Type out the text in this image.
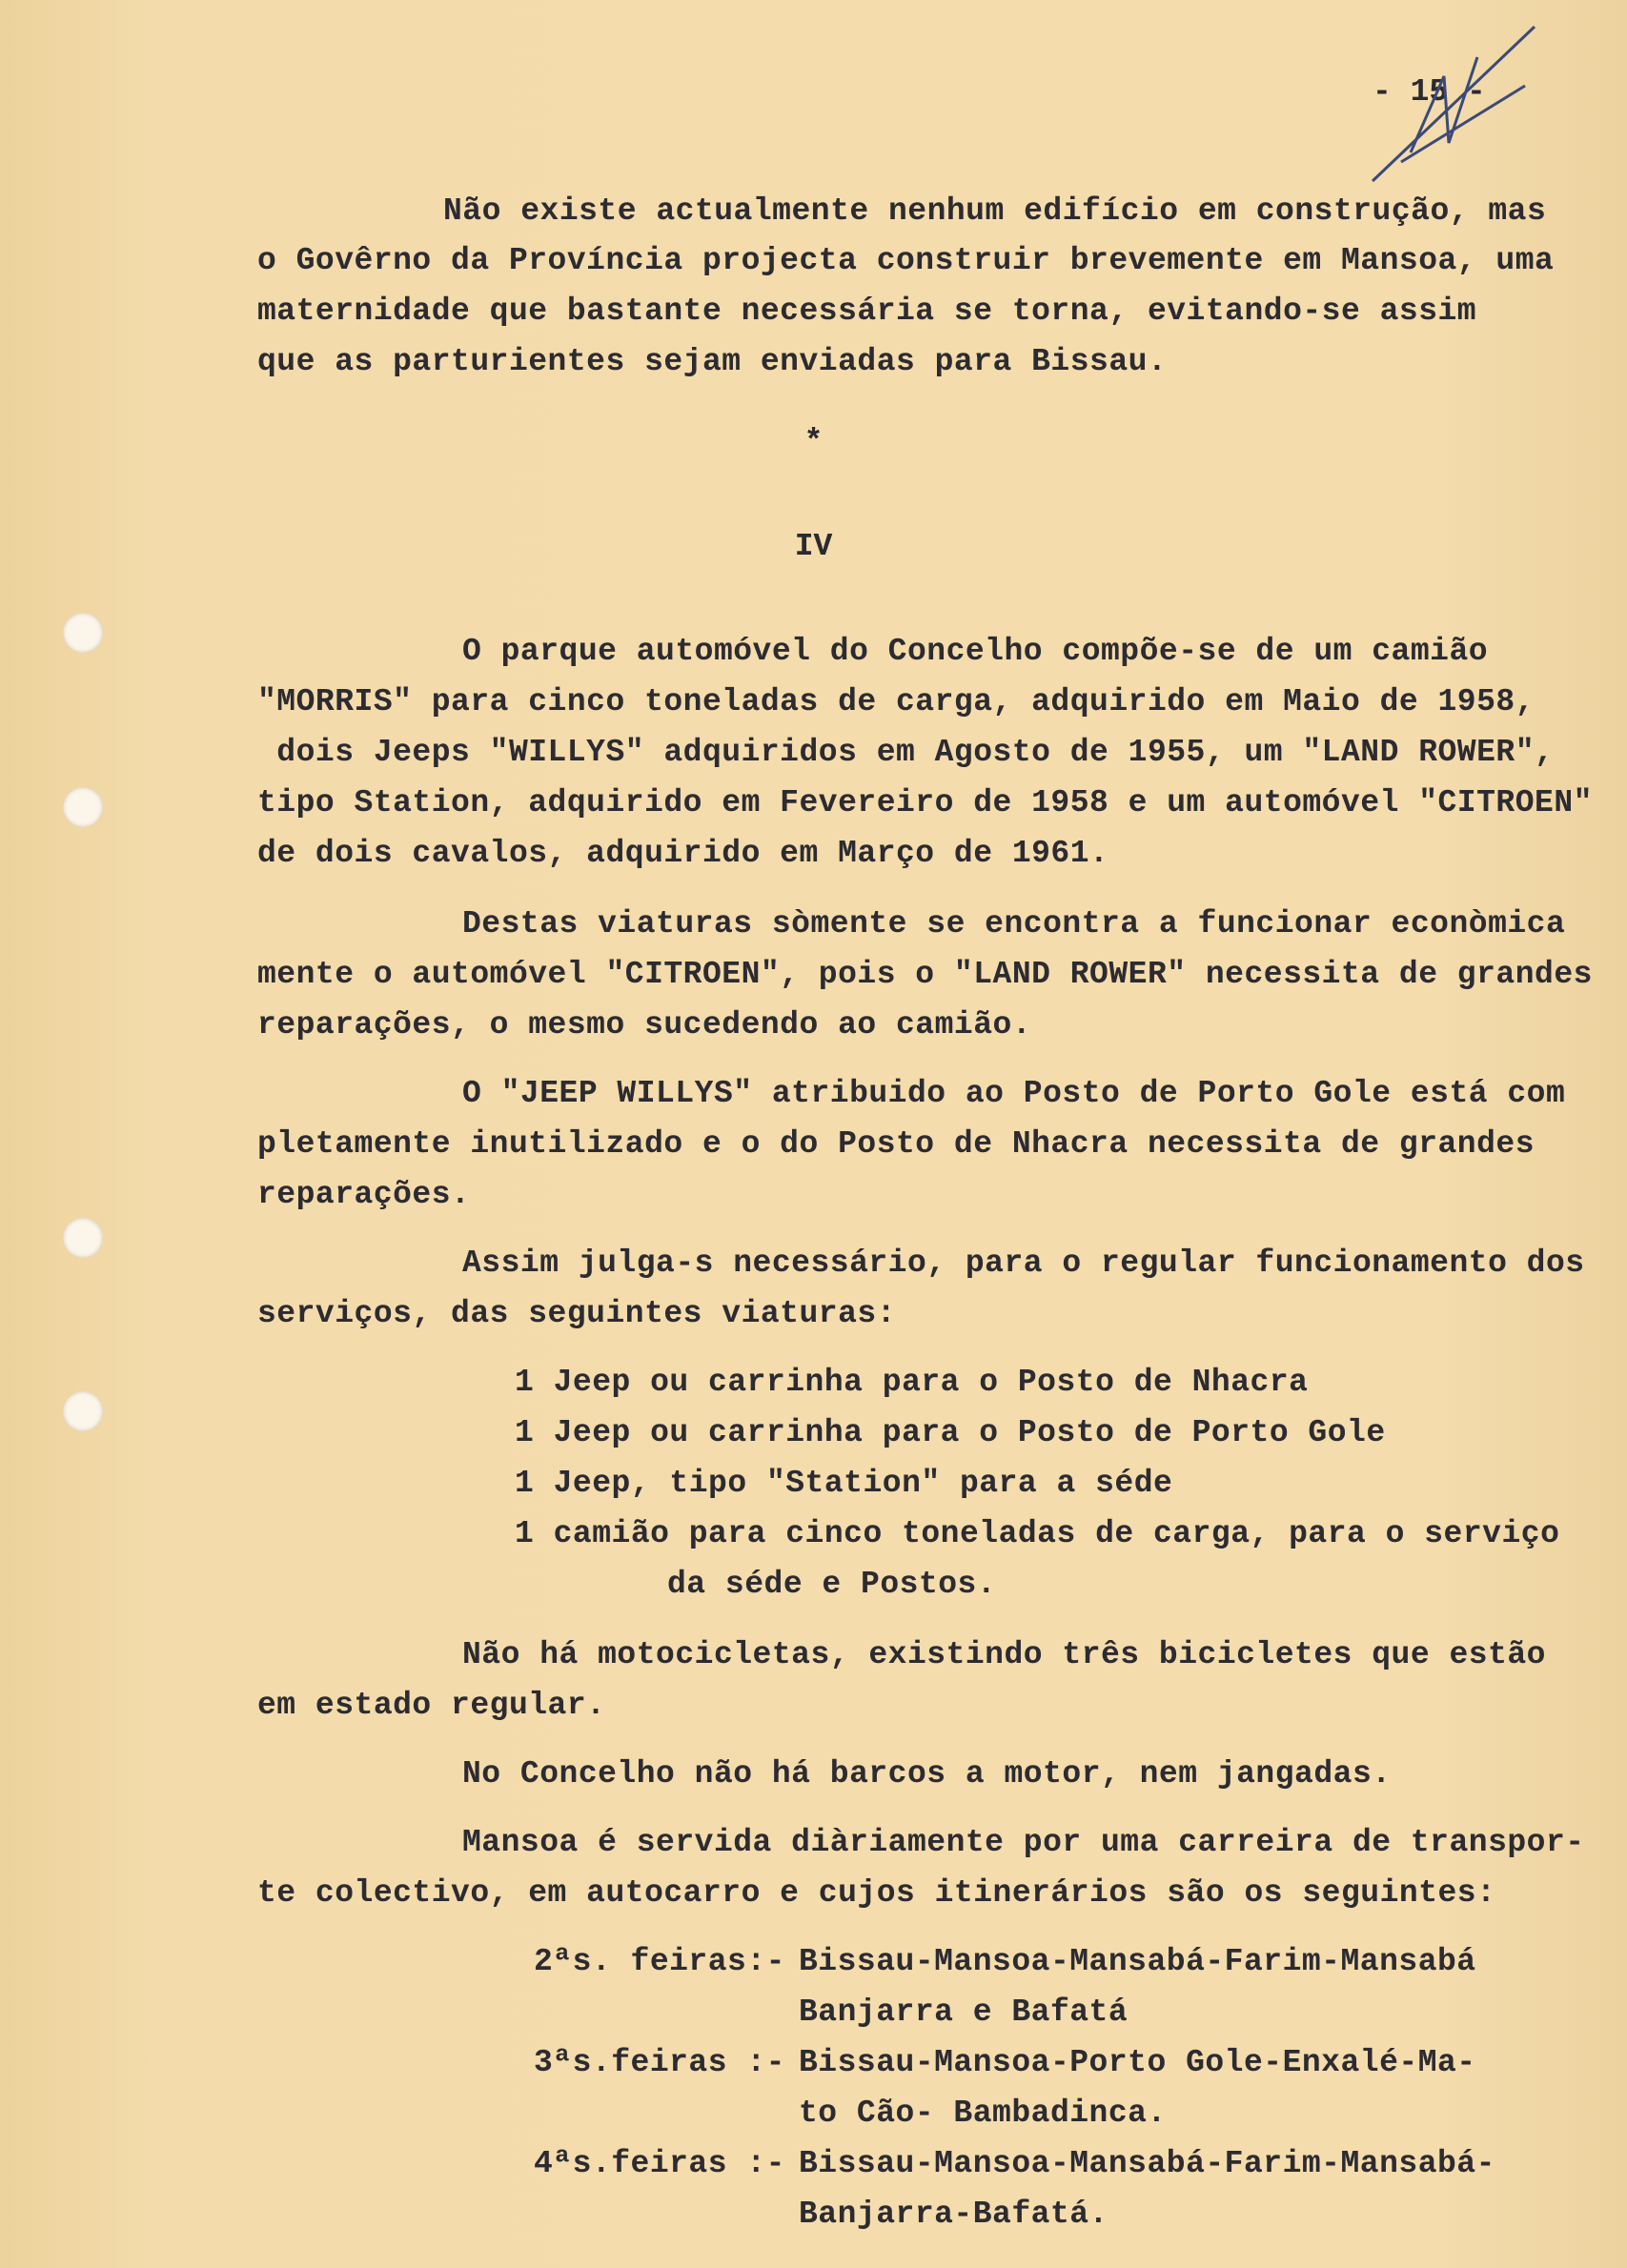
- 15 -
Não existe actualmente nenhum edifício em construção, mas
o Govêrno da Província projecta construir brevemente em Mansoa, uma
maternidade que bastante necessária se torna, evitando-se assim
que as parturientes sejam enviadas para Bissau.
*
IV
O parque automóvel do Concelho compõe-se de um camião
"MORRIS" para cinco toneladas de carga, adquirido em Maio de 1958,
dois Jeeps "WILLYS" adquiridos em Agosto de 1955, um "LAND ROWER",
tipo Station, adquirido em Fevereiro de 1958 e um automóvel "CITROEN"
de dois cavalos, adquirido em Março de 1961.
Destas viaturas sòmente se encontra a funcionar econòmica
mente o automóvel "CITROEN", pois o "LAND ROWER" necessita de grandes
reparações, o mesmo sucedendo ao camião.
O "JEEP WILLYS" atribuido ao Posto de Porto Gole está com
pletamente inutilizado e o do Posto de Nhacra necessita de grandes
reparações.
Assim julga-s necessário, para o regular funcionamento dos
serviços, das seguintes viaturas:
1 Jeep ou carrinha para o Posto de Nhacra
1 Jeep ou carrinha para o Posto de Porto Gole
1 Jeep, tipo "Station" para a séde
1 camião para cinco toneladas de carga, para o serviço
da séde e Postos.
Não há motocicletas, existindo três bicicletes que estão
em estado regular.
No Concelho não há barcos a motor, nem jangadas.
Mansoa é servida diàriamente por uma carreira de transpor-
te colectivo, em autocarro e cujos itinerários são os seguintes:
2ªs. feiras:- Bissau-Mansoa-Mansabá-Farim-Mansabá
Banjarra e Bafatá
3ªs.feiras :- Bissau-Mansoa-Porto Gole-Enxalé-Ma-
to Cão- Bambadinca.
4ªs.feiras :- Bissau-Mansoa-Mansabá-Farim-Mansabá-
Banjarra-Bafatá.
